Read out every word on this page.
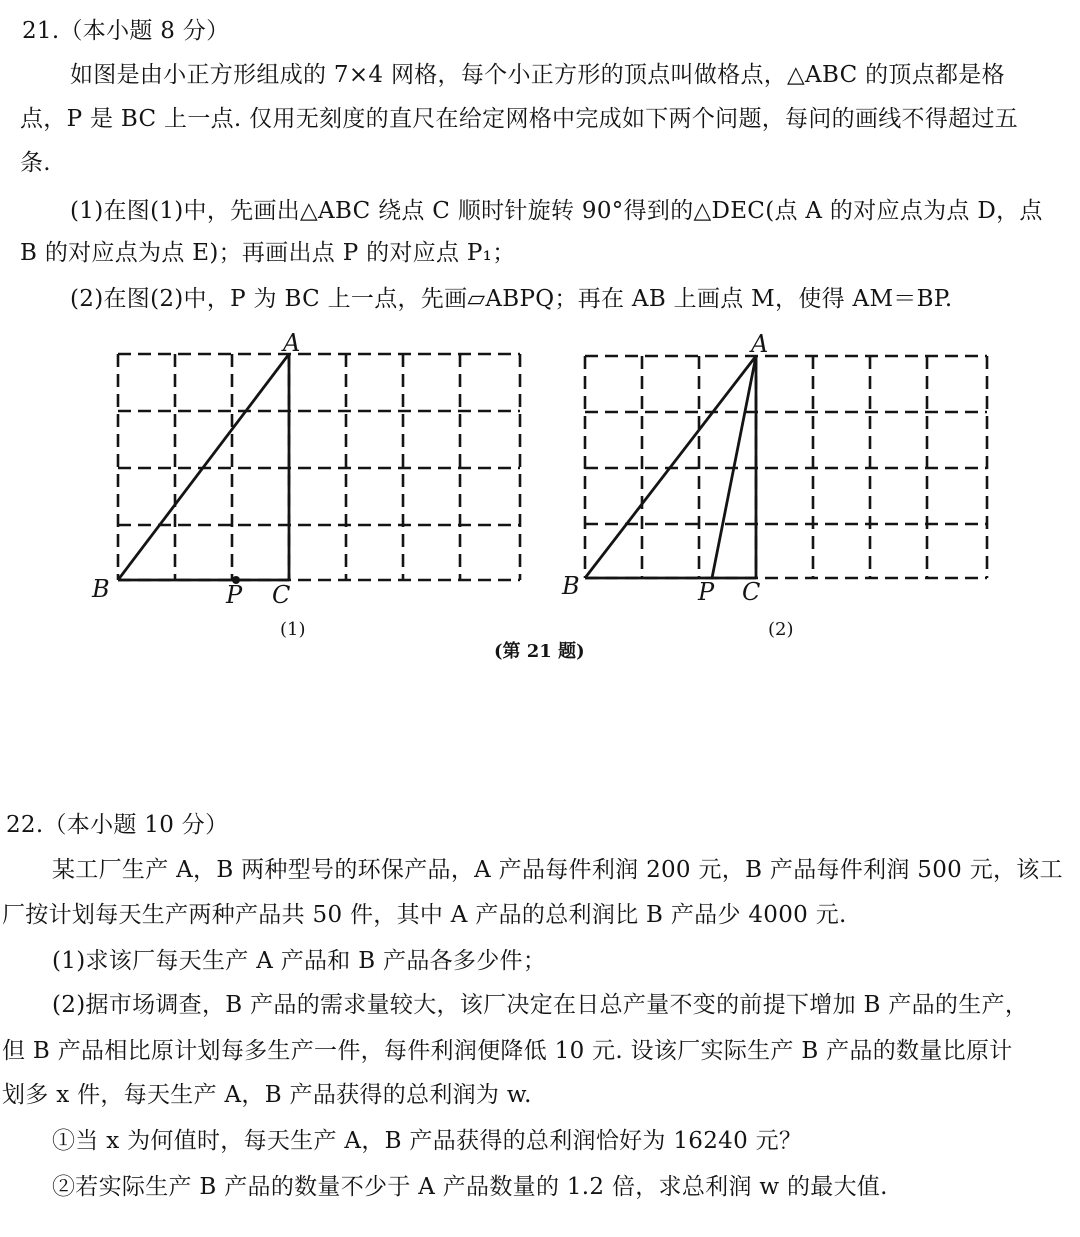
21.（本小题 8 分）
如图是由小正方形组成的 7×4 网格，每个小正方形的顶点叫做格点，△ABC 的顶点都是格
点，P 是 BC 上一点. 仅用无刻度的直尺在给定网格中完成如下两个问题，每问的画线不得超过五
条.
(1)在图(1)中，先画出△ABC 绕点 C 顺时针旋转 90°得到的△DEC(点 A 的对应点为点 D，点
B 的对应点为点 E)；再画出点 P 的对应点 P₁；
(2)在图(2)中，P 为 BC 上一点，先画▱ABPQ；再在 AB 上画点 M，使得 AM＝BP.
A
B	C
P
(1)
A
B	C
P
(2)
(第 21 题)
22.（本小题 10 分）
某工厂生产 A，B 两种型号的环保产品，A 产品每件利润 200 元，B 产品每件利润 500 元，该工
厂按计划每天生产两种产品共 50 件，其中 A 产品的总利润比 B 产品少 4000 元.
(1)求该厂每天生产 A 产品和 B 产品各多少件；
(2)据市场调查，B 产品的需求量较大，该厂决定在日总产量不变的前提下增加 B 产品的生产，
但 B 产品相比原计划每多生产一件，每件利润便降低 10 元. 设该厂实际生产 B 产品的数量比原计
划多 x 件，每天生产 A，B 产品获得的总利润为 w.
①当 x 为何值时，每天生产 A，B 产品获得的总利润恰好为 16240 元？
②若实际生产 B 产品的数量不少于 A 产品数量的 1.2 倍，求总利润 w 的最大值.
